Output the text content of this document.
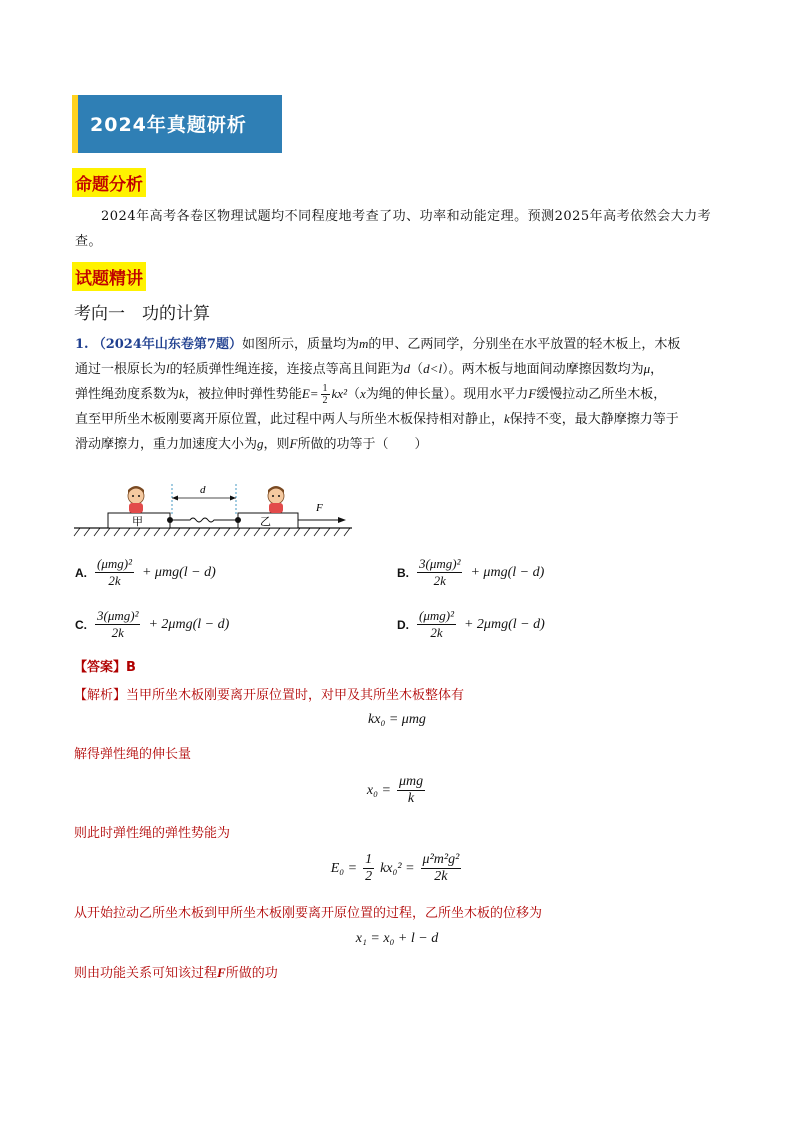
2024年真题研析
命题分析
2024年高考各卷区物理试题均不同程度地考查了功、功率和动能定理。预测2025年高考依然会大力考查。
试题精讲
考向一　功的计算
1. （2024年山东卷第7题）如图所示，质量均为m的甲、乙两同学，分别坐在水平放置的轻木板上，木板
通过一根原长为l的轻质弹性绳连接，连接点等高且间距为d（d<l）。两木板与地面间动摩擦因数均为μ，
弹性绳劲度系数为k，被拉伸时弹性势能$E= \frac{1}{2} kx^2(x$为绳的伸长量）。现用水平力F缓慢拉动乙所坐木板，
直至甲所坐木板刚要离开原位置，此过程中两人与所坐木板保持相对静止，k保持不变，最大静摩擦力等于
滑动摩擦力，重力加速度大小为g，则F所做的功等于（　　）
甲	乙
d
F
A. $\frac{\text{(μmg)²}}{2k} + \mu mg(l - d)$	B. $\frac{\text{3(μmg)²}}{2k} + \mu mg(l - d)$
C. $\frac{\text{3(μmg)²}}{2k} + 2\mu mg(l - d)$	D. $\frac{\text{(μmg)²}}{2k} + 2\mu mg(l - d)$
【答案】B
【解析】当甲所坐木板刚要离开原位置时，对甲及其所坐木板整体有
kx₀ = μmg
解得弹性绳的伸长量
$x_0 = \frac{\text{μmg}}{k}$
则此时弹性绳的弹性势能为
$E_0 = \frac{1}{2} kx_0^2 = \frac{\text{μ²m²g²}}{2k}$
从开始拉动乙所坐木板到甲所坐木板刚要离开原位置的过程，乙所坐木板的位移为
x₁ = x₀ + l − d
则由功能关系可知该过程F所做的功
